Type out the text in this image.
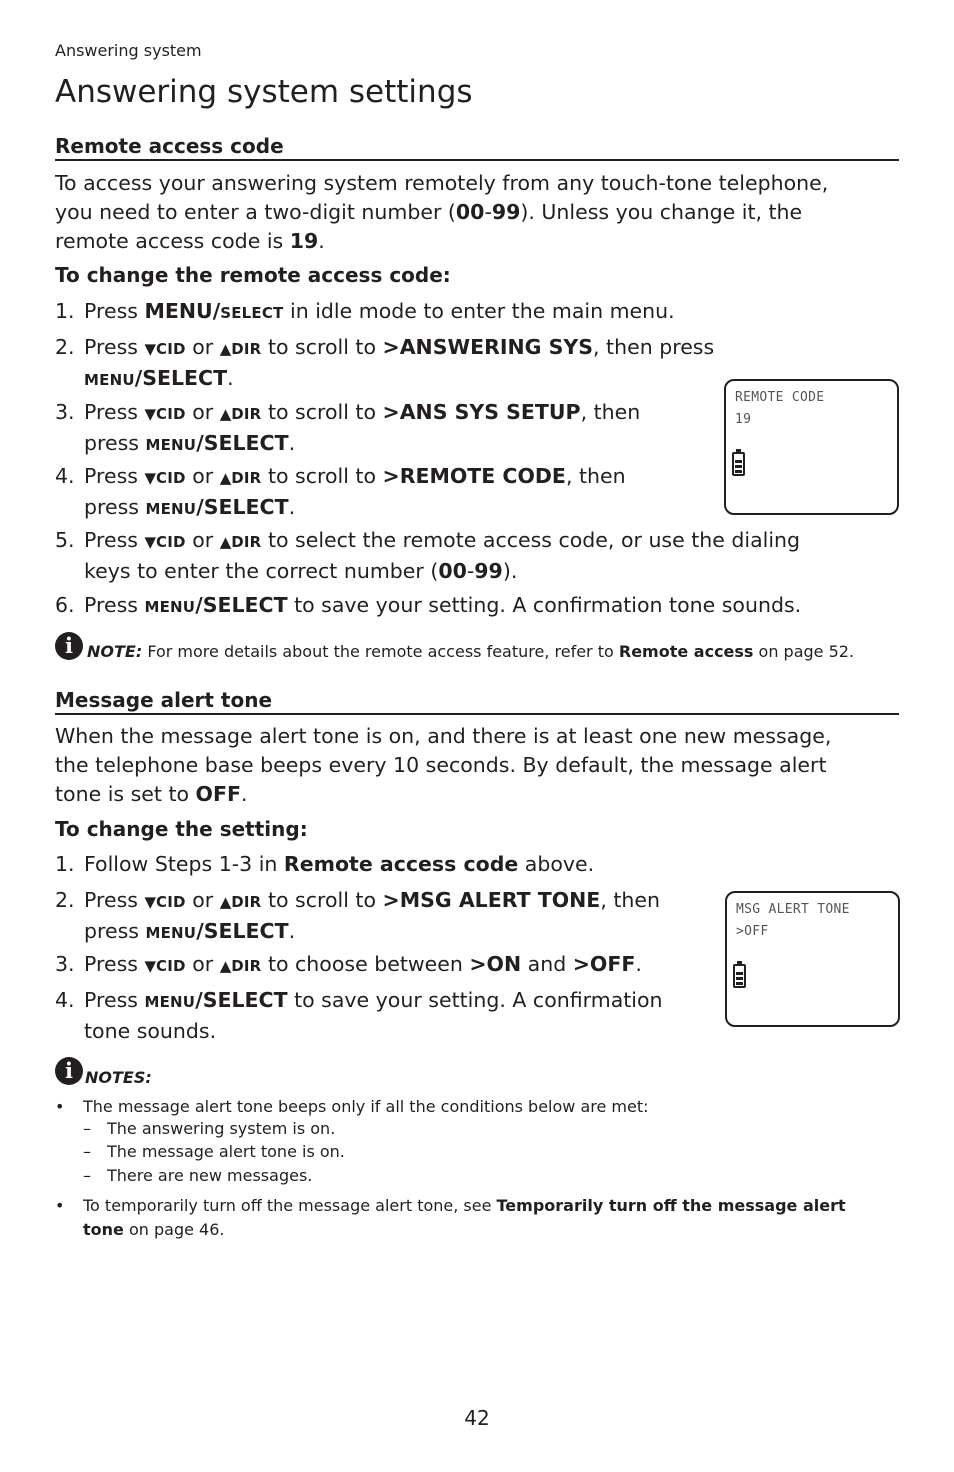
Answering system
Answering system settings
Remote access code

To access your answering system remotely from any touch-tone telephone,
you need to enter a two-digit number (00-99). Unless you change it, the
remote access code is 19.

To change the remote access code:
1. Press MENU/SELECT in idle mode to enter the main menu.
2. Press ▼CID or ▲DIR to scroll to >ANSWERING SYS, then press
MENU/SELECT.
3. Press ▼CID or ▲DIR to scroll to >ANS SYS SETUP, then
press MENU/SELECT.
4. Press ▼CID or ▲DIR to scroll to >REMOTE CODE, then
press MENU/SELECT.
5. Press ▼CID or ▲DIR to select the remote access code, or use the dialing
keys to enter the correct number (00-99).
6. Press MENU/SELECT to save your setting. A confirmation tone sounds.
REMOTE CODE
19
i NOTE: For more details about the remote access feature, refer to Remote access on page 52.
Message alert tone

When the message alert tone is on, and there is at least one new message,
the telephone base beeps every 10 seconds. By default, the message alert
tone is set to OFF.

To change the setting:
1. Follow Steps 1-3 in Remote access code above.
2. Press ▼CID or ▲DIR to scroll to >MSG ALERT TONE, then
press MENU/SELECT.
3. Press ▼CID or ▲DIR to choose between >ON and >OFF.
4. Press MENU/SELECT to save your setting. A confirmation
tone sounds.
MSG ALERT TONE
>OFF
i NOTES:
• The message alert tone beeps only if all the conditions below are met:
– The answering system is on.
– The message alert tone is on.
– There are new messages.
• To temporarily turn off the message alert tone, see Temporarily turn off the message alert
tone on page 46.
42
